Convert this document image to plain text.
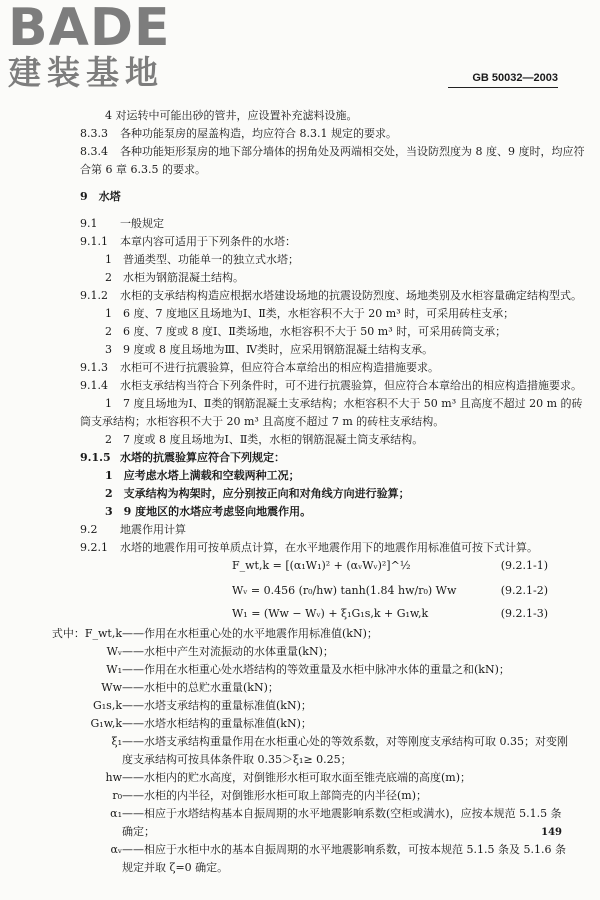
BADE
建装基地	GB 50032—2003

4 对运转中可能出砂的管井，应设置补充滤料设施。

8.3.3 各种功能泵房的屋盖构造，均应符合 8.3.1 规定的要求。

8.3.4 各种功能矩形泵房的地下部分墙体的拐角处及两端相交处，当设防烈度为 8 度、9 度时，均应符

合第 6 章 6.3.5 的要求。

9　水塔

9.1 一般规定

9.1.1 本章内容可适用于下列条件的水塔：

1　普通类型、功能单一的独立式水塔；

2　水柜为钢筋混凝土结构。

9.1.2 水柜的支承结构构造应根据水塔建设场地的抗震设防烈度、场地类别及水柜容量确定结构型式。

1　6 度、7 度地区且场地为Ⅰ、Ⅱ类，水柜容积不大于 20 m³ 时，可采用砖柱支承；

2　6 度、7 度或 8 度Ⅰ、Ⅱ类场地，水柜容积不大于 50 m³ 时，可采用砖筒支承；

3　9 度或 8 度且场地为Ⅲ、Ⅳ类时，应采用钢筋混凝土结构支承。

9.1.3 水柜可不进行抗震验算，但应符合本章给出的相应构造措施要求。

9.1.4 水柜支承结构当符合下列条件时，可不进行抗震验算，但应符合本章给出的相应构造措施要求。

1　7 度且场地为Ⅰ、Ⅱ类的钢筋混凝土支承结构；水柜容积不大于 50 m³ 且高度不超过 20 m 的砖

筒支承结构；水柜容积不大于 20 m³ 且高度不超过 7 m 的砖柱支承结构。

2　7 度或 8 度且场地为Ⅰ、Ⅱ类，水柜的钢筋混凝土筒支承结构。

9.1.5 水塔的抗震验算应符合下列规定：

1　应考虑水塔上满载和空载两种工况；

2　支承结构为构架时，应分别按正向和对角线方向进行验算；

3　9 度地区的水塔应考虑竖向地震作用。

9.2 地震作用计算

9.2.1 水塔的地震作用可按单质点计算，在水平地震作用下的地震作用标准值可按下式计算。

F_wt,k = [(α₁W₁)² + (αᵥWᵥ)²]^½	(9.2.1-1)
Wᵥ = 0.456 (r₀/hw) tanh(1.84 hw/r₀) Ww	(9.2.1-2)
W₁ = (Ww − Wᵥ) + ξ₁G₁s,k + G₁w,k	(9.2.1-3)

式中：F_wt,k——作用在水柜重心处的水平地震作用标准值(kN)；

Wᵥ——水柜中产生对流振动的水体重量(kN)；

W₁——作用在水柜重心处水塔结构的等效重量及水柜中脉冲水体的重量之和(kN)；

Ww——水柜中的总贮水重量(kN)；

G₁s,k——水塔支承结构的重量标准值(kN)；

G₁w,k——水塔水柜结构的重量标准值(kN)；

ξ₁——水塔支承结构重量作用在水柜重心处的等效系数，对等刚度支承结构可取 0.35；对变刚

度支承结构可按具体条件取 0.35＞ξ₁≥ 0.25；

hw——水柜内的贮水高度，对倒锥形水柜可取水面至锥壳底端的高度(m)；

r₀——水柜的内半径，对倒锥形水柜可取上部筒壳的内半径(m)；

α₁——相应于水塔结构基本自振周期的水平地震影响系数(空柜或满水)，应按本规范 5.1.5 条

确定；

αᵥ——相应于水柜中水的基本自振周期的水平地震影响系数，可按本规范 5.1.5 条及 5.1.6 条

规定并取 ζ=0 确定。

149
